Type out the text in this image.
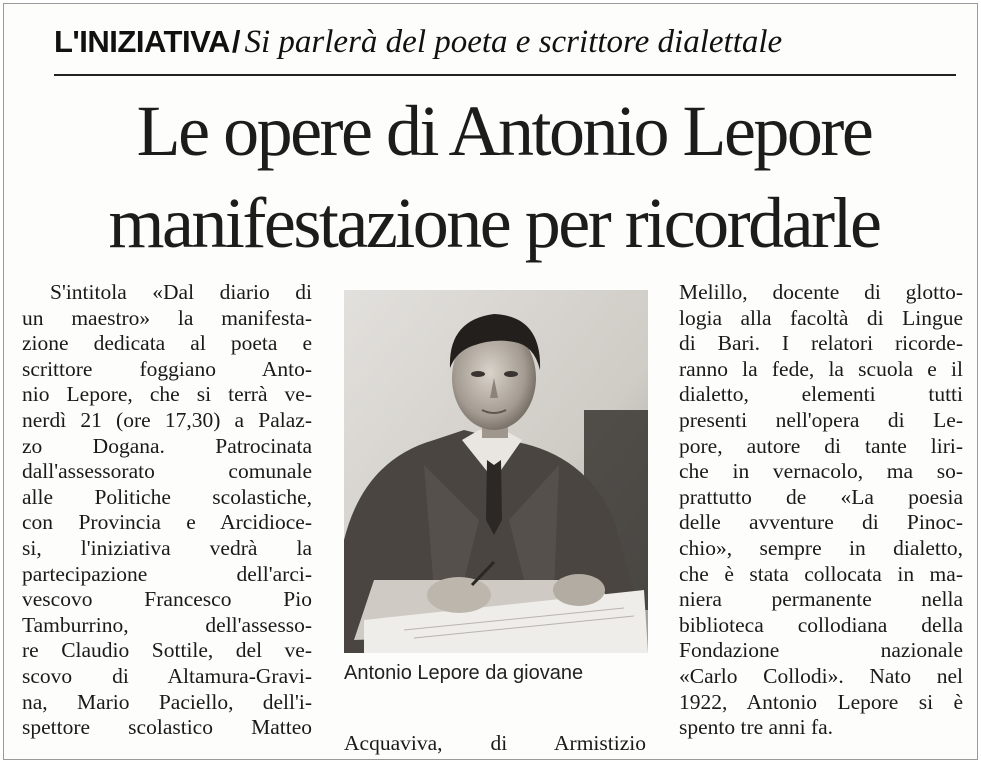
L'INIZIATIVA / Si parlerà del poeta e scrittore dialettale
Le opere di Antonio Lepore
manifestazione per ricordarle

S'intitola «Dal diario di

un maestro» la manifesta-

zione dedicata al poeta e

scrittore foggiano Anto-

nio Lepore, che si terrà ve-

nerdì 21 (ore 17,30) a Palaz-

zo Dogana. Patrocinata

dall'assessorato comunale

alle Politiche scolastiche,

con Provincia e Arcidioce-

si, l'iniziativa vedrà la

partecipazione dell'arci-

vescovo Francesco Pio

Tamburrino, dell'assesso-

re Claudio Sottile, del ve-

scovo di Altamura-Gravi-

na, Mario Paciello, dell'i-

spettore scolastico Matteo

Antonio Lepore da giovane

Acquaviva, di Armistizio

Melillo, docente di glotto-

logia alla facoltà di Lingue

di Bari. I relatori ricorde-

ranno la fede, la scuola e il

dialetto, elementi tutti

presenti nell'opera di Le-

pore, autore di tante liri-

che in vernacolo, ma so-

prattutto de «La poesia

delle avventure di Pinoc-

chio», sempre in dialetto,

che è stata collocata in ma-

niera permanente nella

biblioteca collodiana della

Fondazione nazionale

«Carlo Collodi». Nato nel

1922, Antonio Lepore si è

spento tre anni fa.
